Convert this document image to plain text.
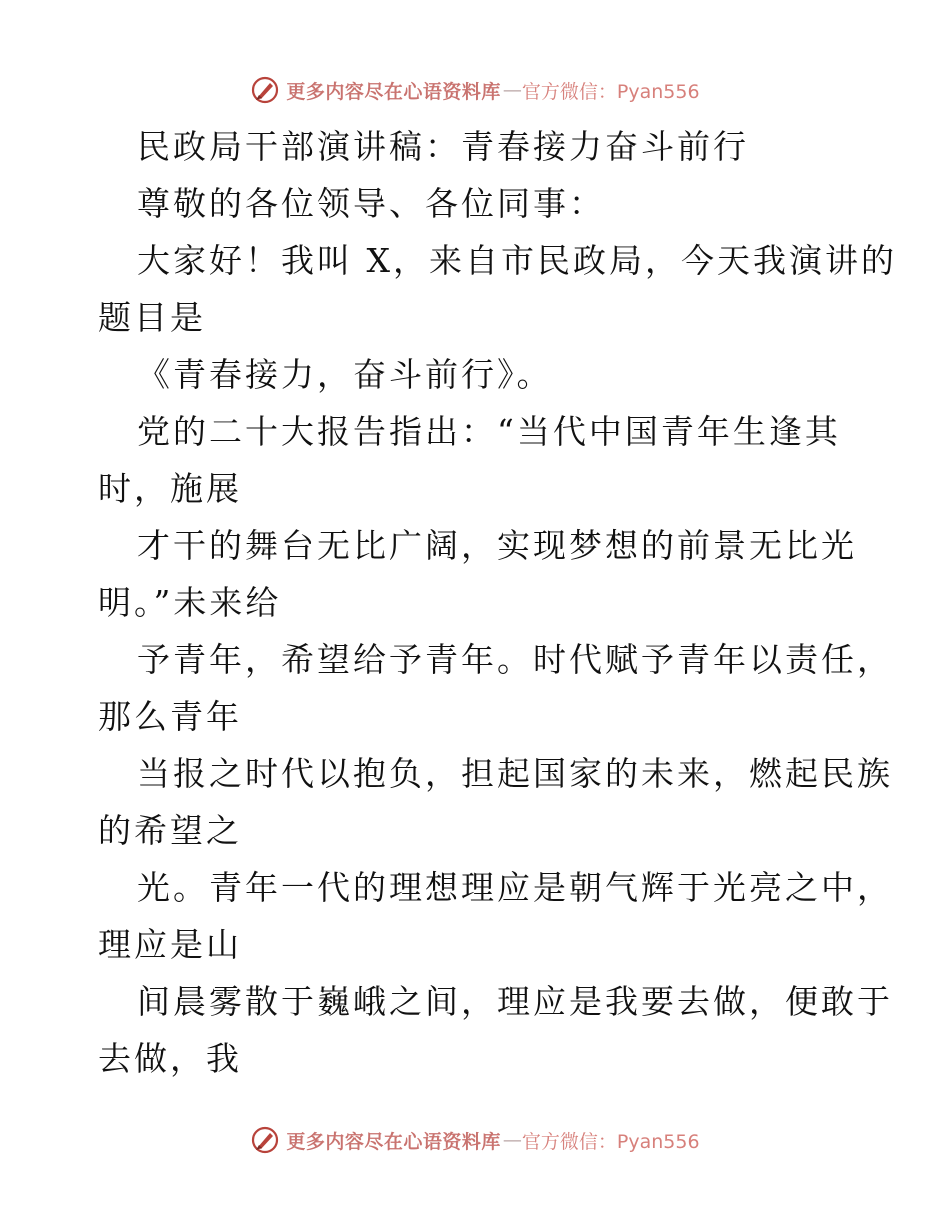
更多内容尽在心语资料库 — 官方微信：Pyan556
民政局干部演讲稿：青春接力奋斗前行
尊敬的各位领导、各位同事：
大家好！我叫 X，来自市民政局，今天我演讲的
题目是
《青春接力，奋斗前行》。
党的二十大报告指出：“当代中国青年生逢其
时，施展
才干的舞台无比广阔，实现梦想的前景无比光
明。”未来给
予青年，希望给予青年。时代赋予青年以责任，
那么青年
当报之时代以抱负，担起国家的未来，燃起民族
的希望之
光。青年一代的理想理应是朝气辉于光亮之中，
理应是山
间晨雾散于巍峨之间，理应是我要去做，便敢于
去做，我
更多内容尽在心语资料库 — 官方微信：Pyan556
